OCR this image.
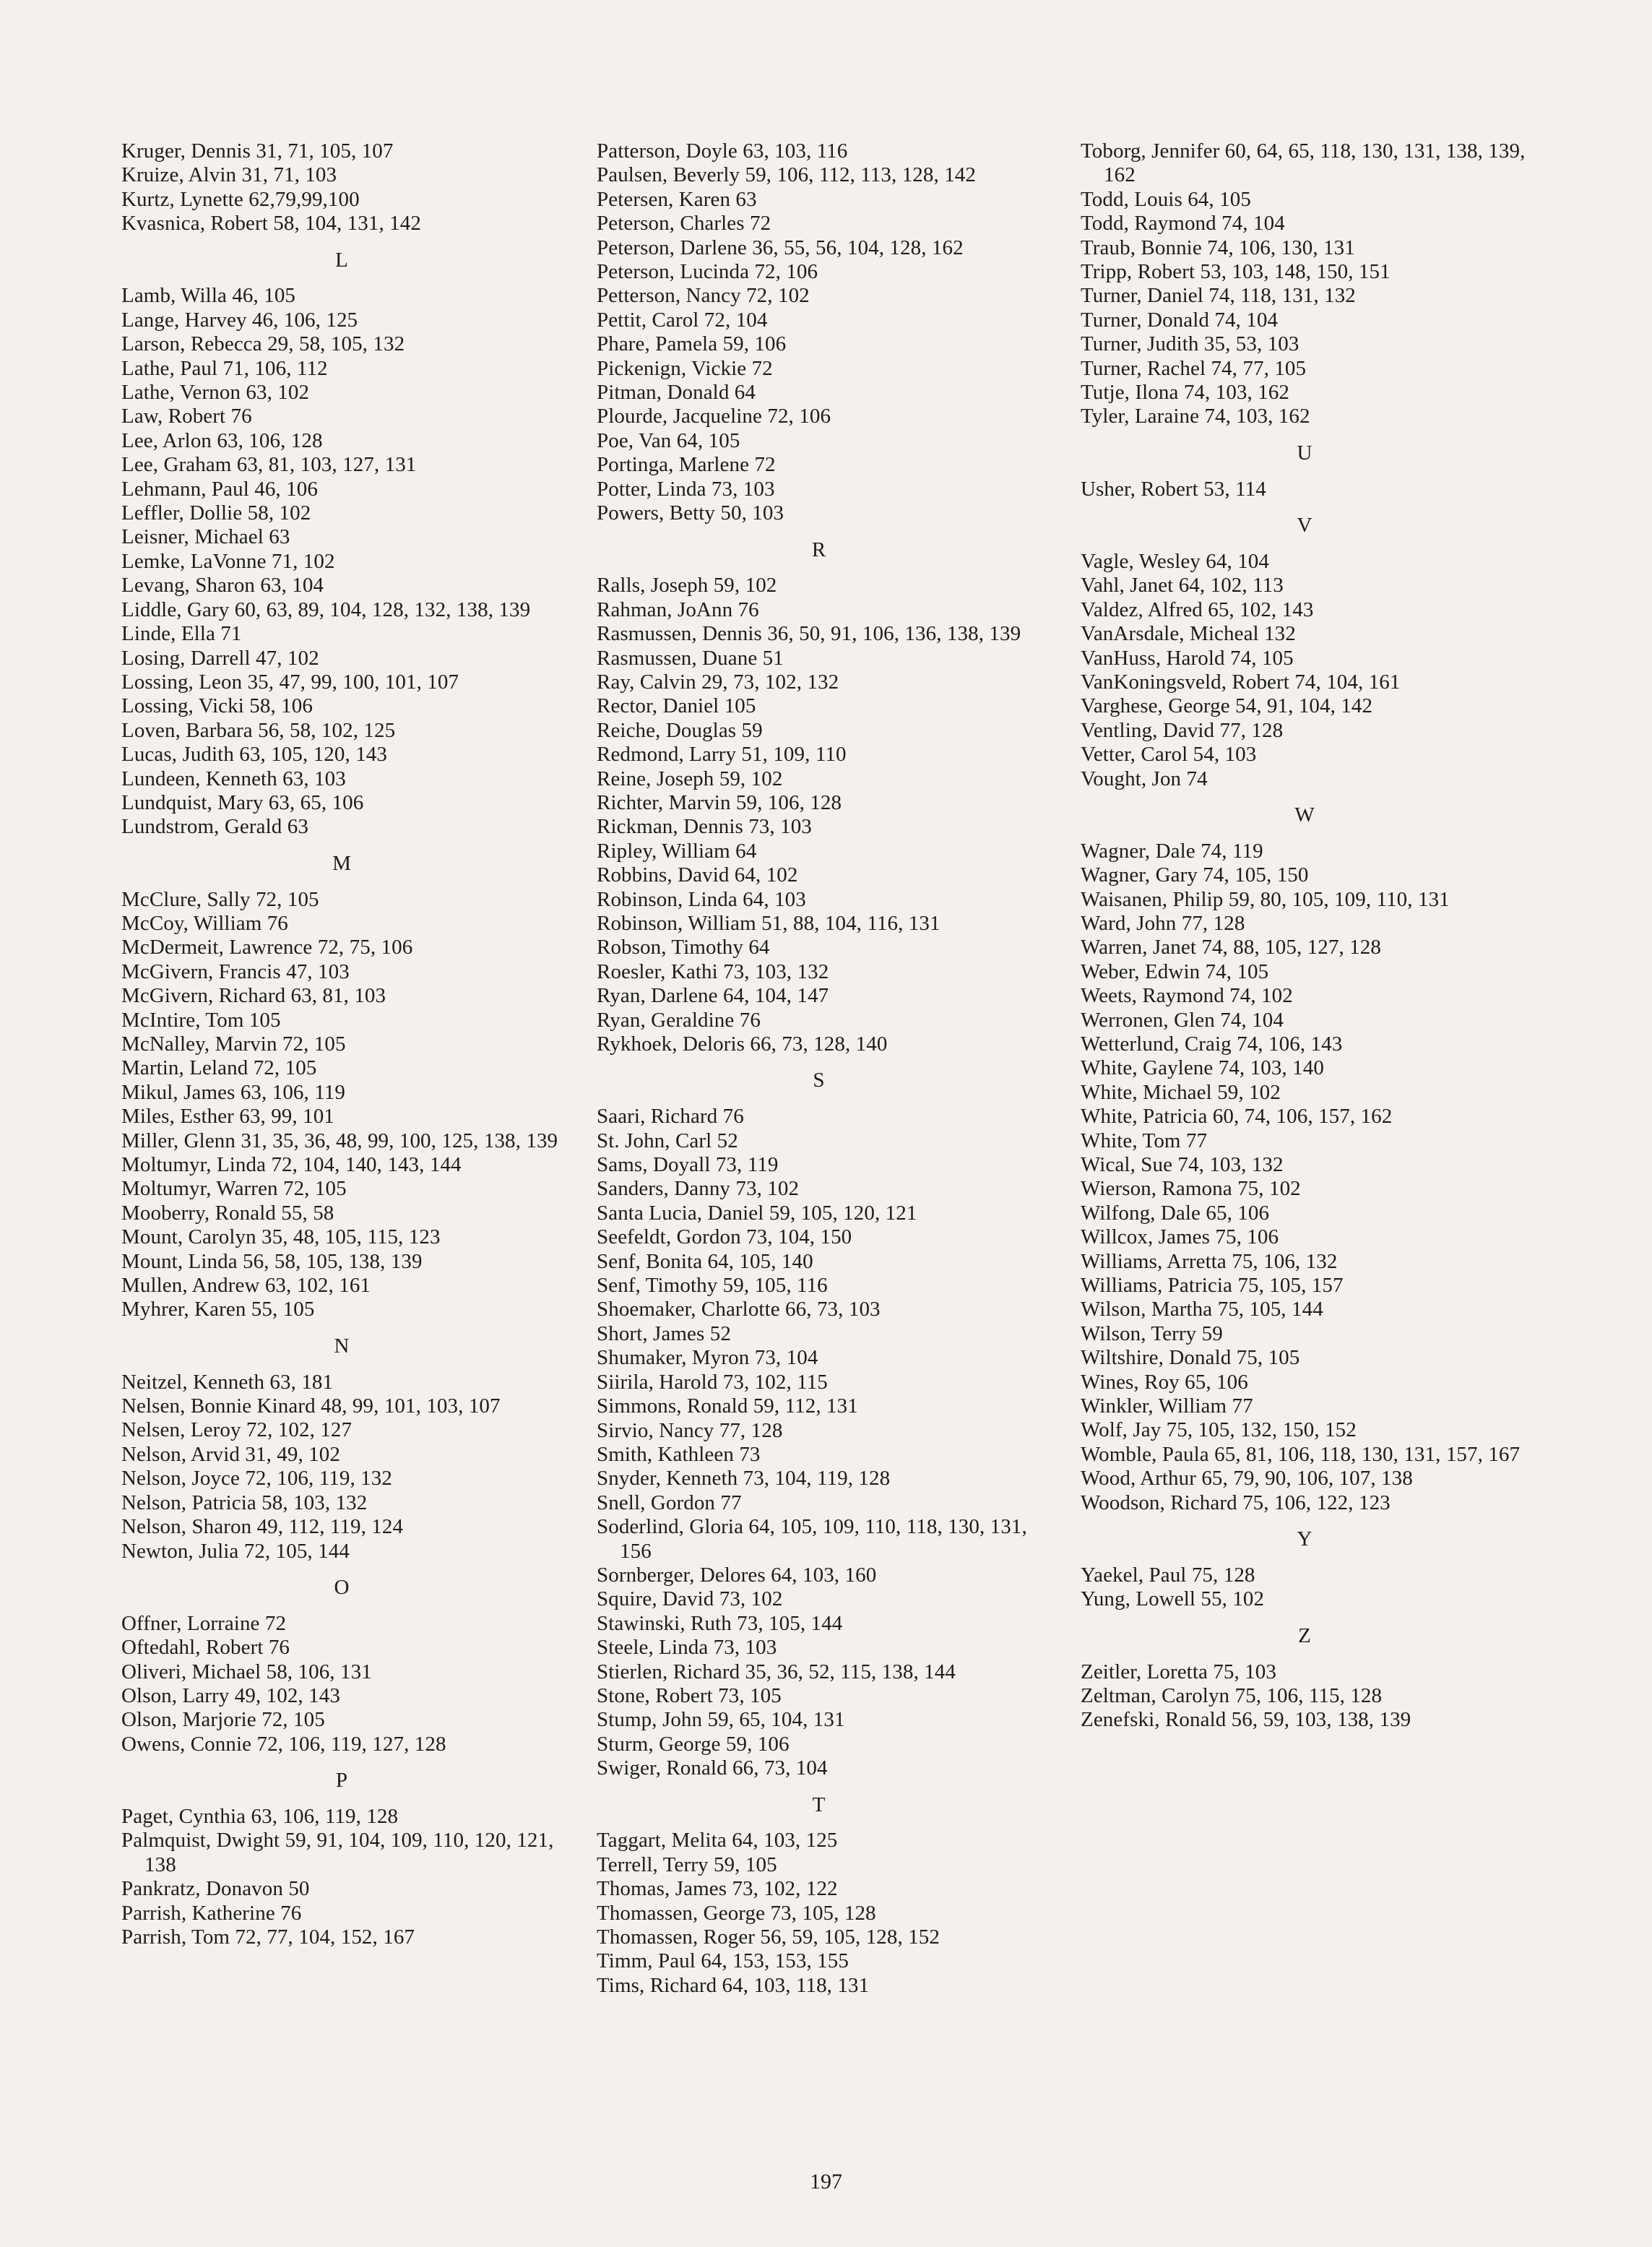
Kruger, Dennis 31, 71, 105, 107
Kruize, Alvin 31, 71, 103
Kurtz, Lynette 62,79,99,100
Kvasnica, Robert 58, 104, 131, 142
L
Lamb, Willa 46, 105
Lange, Harvey 46, 106, 125
Larson, Rebecca 29, 58, 105, 132
Lathe, Paul 71, 106, 112
Lathe, Vernon 63, 102
Law, Robert 76
Lee, Arlon 63, 106, 128
Lee, Graham 63, 81, 103, 127, 131
Lehmann, Paul 46, 106
Leffler, Dollie 58, 102
Leisner, Michael 63
Lemke, LaVonne 71, 102
Levang, Sharon 63, 104
Liddle, Gary 60, 63, 89, 104, 128, 132, 138, 139
Linde, Ella 71
Losing, Darrell 47, 102
Lossing, Leon 35, 47, 99, 100, 101, 107
Lossing, Vicki 58, 106
Loven, Barbara 56, 58, 102, 125
Lucas, Judith 63, 105, 120, 143
Lundeen, Kenneth 63, 103
Lundquist, Mary 63, 65, 106
Lundstrom, Gerald 63
M
McClure, Sally 72, 105
McCoy, William 76
McDermeit, Lawrence 72, 75, 106
McGivern, Francis 47, 103
McGivern, Richard 63, 81, 103
McIntire, Tom 105
McNalley, Marvin 72, 105
Martin, Leland 72, 105
Mikul, James 63, 106, 119
Miles, Esther 63, 99, 101
Miller, Glenn 31, 35, 36, 48, 99, 100, 125, 138, 139
Moltumyr, Linda 72, 104, 140, 143, 144
Moltumyr, Warren 72, 105
Mooberry, Ronald 55, 58
Mount, Carolyn 35, 48, 105, 115, 123
Mount, Linda 56, 58, 105, 138, 139
Mullen, Andrew 63, 102, 161
Myhrer, Karen 55, 105
N
Neitzel, Kenneth 63, 181
Nelsen, Bonnie Kinard 48, 99, 101, 103, 107
Nelsen, Leroy 72, 102, 127
Nelson, Arvid 31, 49, 102
Nelson, Joyce 72, 106, 119, 132
Nelson, Patricia 58, 103, 132
Nelson, Sharon 49, 112, 119, 124
Newton, Julia 72, 105, 144
O
Offner, Lorraine 72
Oftedahl, Robert 76
Oliveri, Michael 58, 106, 131
Olson, Larry 49, 102, 143
Olson, Marjorie 72, 105
Owens, Connie 72, 106, 119, 127, 128
P
Paget, Cynthia 63, 106, 119, 128
Palmquist, Dwight 59, 91, 104, 109, 110, 120, 121, 138
Pankratz, Donavon 50
Parrish, Katherine 76
Parrish, Tom 72, 77, 104, 152, 167
Patterson, Doyle 63, 103, 116
Paulsen, Beverly 59, 106, 112, 113, 128, 142
Petersen, Karen 63
Peterson, Charles 72
Peterson, Darlene 36, 55, 56, 104, 128, 162
Peterson, Lucinda 72, 106
Petterson, Nancy 72, 102
Pettit, Carol 72, 104
Phare, Pamela 59, 106
Pickenign, Vickie 72
Pitman, Donald 64
Plourde, Jacqueline 72, 106
Poe, Van 64, 105
Portinga, Marlene 72
Potter, Linda 73, 103
Powers, Betty 50, 103
R
Ralls, Joseph 59, 102
Rahman, JoAnn 76
Rasmussen, Dennis 36, 50, 91, 106, 136, 138, 139
Rasmussen, Duane 51
Ray, Calvin 29, 73, 102, 132
Rector, Daniel 105
Reiche, Douglas 59
Redmond, Larry 51, 109, 110
Reine, Joseph 59, 102
Richter, Marvin 59, 106, 128
Rickman, Dennis 73, 103
Ripley, William 64
Robbins, David 64, 102
Robinson, Linda 64, 103
Robinson, William 51, 88, 104, 116, 131
Robson, Timothy 64
Roesler, Kathi 73, 103, 132
Ryan, Darlene 64, 104, 147
Ryan, Geraldine 76
Rykhoek, Deloris 66, 73, 128, 140
S
Saari, Richard 76
St. John, Carl 52
Sams, Doyall 73, 119
Sanders, Danny 73, 102
Santa Lucia, Daniel 59, 105, 120, 121
Seefeldt, Gordon 73, 104, 150
Senf, Bonita 64, 105, 140
Senf, Timothy 59, 105, 116
Shoemaker, Charlotte 66, 73, 103
Short, James 52
Shumaker, Myron 73, 104
Siirila, Harold 73, 102, 115
Simmons, Ronald 59, 112, 131
Sirvio, Nancy 77, 128
Smith, Kathleen 73
Snyder, Kenneth 73, 104, 119, 128
Snell, Gordon 77
Soderlind, Gloria 64, 105, 109, 110, 118, 130, 131, 156
Sornberger, Delores 64, 103, 160
Squire, David 73, 102
Stawinski, Ruth 73, 105, 144
Steele, Linda 73, 103
Stierlen, Richard 35, 36, 52, 115, 138, 144
Stone, Robert 73, 105
Stump, John 59, 65, 104, 131
Sturm, George 59, 106
Swiger, Ronald 66, 73, 104
T
Taggart, Melita 64, 103, 125
Terrell, Terry 59, 105
Thomas, James 73, 102, 122
Thomassen, George 73, 105, 128
Thomassen, Roger 56, 59, 105, 128, 152
Timm, Paul 64, 153, 153, 155
Tims, Richard 64, 103, 118, 131
Toborg, Jennifer 60, 64, 65, 118, 130, 131, 138, 139, 162
Todd, Louis 64, 105
Todd, Raymond 74, 104
Traub, Bonnie 74, 106, 130, 131
Tripp, Robert 53, 103, 148, 150, 151
Turner, Daniel 74, 118, 131, 132
Turner, Donald 74, 104
Turner, Judith 35, 53, 103
Turner, Rachel 74, 77, 105
Tutje, Ilona 74, 103, 162
Tyler, Laraine 74, 103, 162
U
Usher, Robert 53, 114
V
Vagle, Wesley 64, 104
Vahl, Janet 64, 102, 113
Valdez, Alfred 65, 102, 143
VanArsdale, Micheal 132
VanHuss, Harold 74, 105
VanKoningsveld, Robert 74, 104, 161
Varghese, George 54, 91, 104, 142
Ventling, David 77, 128
Vetter, Carol 54, 103
Vought, Jon 74
W
Wagner, Dale 74, 119
Wagner, Gary 74, 105, 150
Waisanen, Philip 59, 80, 105, 109, 110, 131
Ward, John 77, 128
Warren, Janet 74, 88, 105, 127, 128
Weber, Edwin 74, 105
Weets, Raymond 74, 102
Werronen, Glen 74, 104
Wetterlund, Craig 74, 106, 143
White, Gaylene 74, 103, 140
White, Michael 59, 102
White, Patricia 60, 74, 106, 157, 162
White, Tom 77
Wical, Sue 74, 103, 132
Wierson, Ramona 75, 102
Wilfong, Dale 65, 106
Willcox, James 75, 106
Williams, Arretta 75, 106, 132
Williams, Patricia 75, 105, 157
Wilson, Martha 75, 105, 144
Wilson, Terry 59
Wiltshire, Donald 75, 105
Wines, Roy 65, 106
Winkler, William 77
Wolf, Jay 75, 105, 132, 150, 152
Womble, Paula 65, 81, 106, 118, 130, 131, 157, 167
Wood, Arthur 65, 79, 90, 106, 107, 138
Woodson, Richard 75, 106, 122, 123
Y
Yaekel, Paul 75, 128
Yung, Lowell 55, 102
Z
Zeitler, Loretta 75, 103
Zeltman, Carolyn 75, 106, 115, 128
Zenefski, Ronald 56, 59, 103, 138, 139
197
